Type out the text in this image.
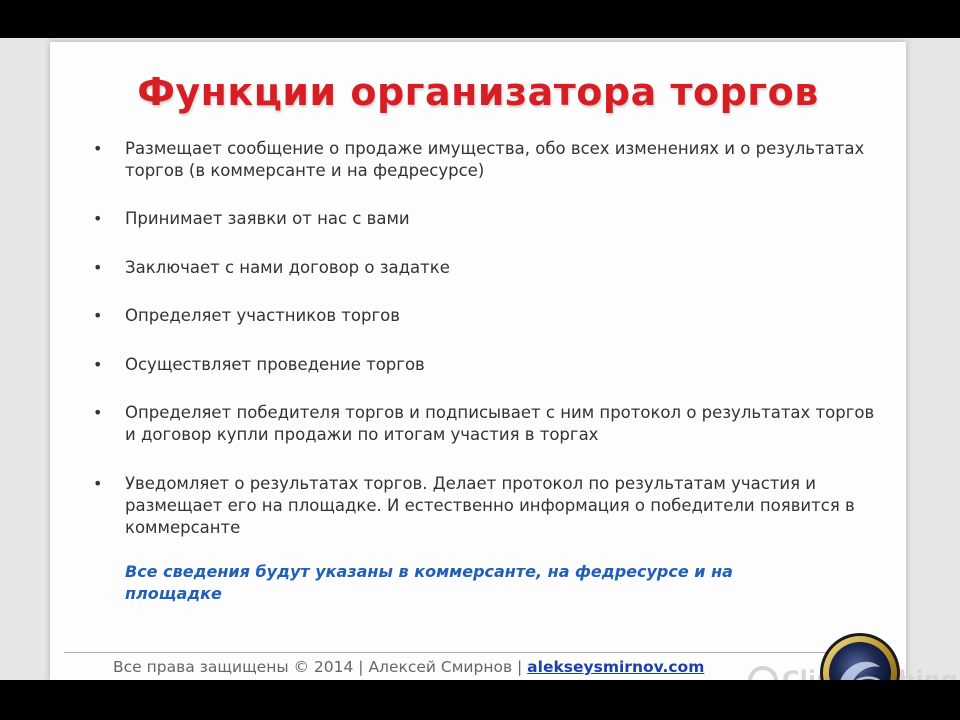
Функции организатора торгов
• Размещает сообщение о продаже имущества, обо всех изменениях и о результатах торгов (в коммерсанте и на федресурсе)
• Принимает заявки от нас с вами
• Заключает с нами договор о задатке
• Определяет участников торгов
• Осуществляет проведение торгов
• Определяет победителя торгов и подписывает с ним протокол о результатах торгов и договор купли продажи по итогам участия в торгах
• Уведомляет о результатах торгов. Делает протокол по результатам участия и размещает его на площадке. И естественно информация о победители появится в коммерсанте
Все сведения будут указаны в коммерсанте, на федресурсе и на площадке
Все права защищены © 2014 | Алексей Смирнов | alekseysmirnov.com
